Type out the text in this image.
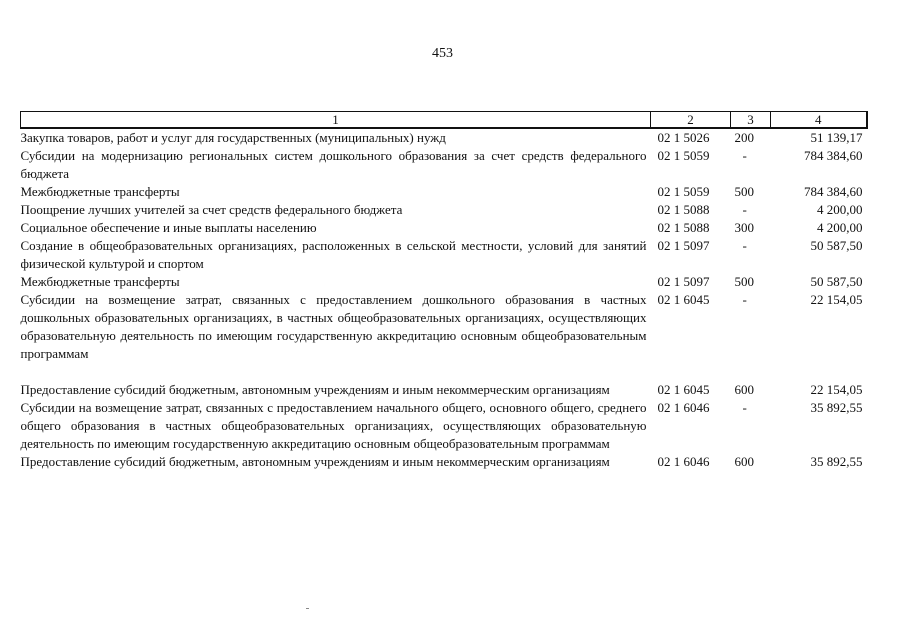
453
1	2	3	4
Закупка товаров, работ и услуг для государственных (муниципальных) нужд	02 1 5026	200	51 139,17
Субсидии на модернизацию региональных систем дошкольного образования за счет средств федерального бюджета	02 1 5059	-	784 384,60
Межбюджетные трансферты	02 1 5059	500	784 384,60
Поощрение лучших учителей за счет средств федерального бюджета	02 1 5088	-	4 200,00
Социальное обеспечение и иные выплаты населению	02 1 5088	300	4 200,00
Создание в общеобразовательных организациях, расположенных в сельской местности, условий для занятий физической культурой и спортом	02 1 5097	-	50 587,50
Межбюджетные трансферты	02 1 5097	500	50 587,50
Субсидии на возмещение затрат, связанных с предоставлением дошкольного образования в частных дошкольных образовательных организациях, в частных общеобразовательных организациях, осуществляющих образовательную деятельность по имеющим государственную аккредитацию основным общеобразовательным программам	02 1 6045	-	22 154,05
Предоставление субсидий бюджетным, автономным учреждениям и иным некоммерческим организациям	02 1 6045	600	22 154,05
Субсидии на возмещение затрат, связанных с предоставлением начального общего, основного общего, среднего общего образования в частных общеобразовательных организациях, осуществляющих образовательную деятельность по имеющим государственную аккредитацию основным общеобразовательным программам	02 1 6046	-	35 892,55
Предоставление субсидий бюджетным, автономным учреждениям и иным некоммерческим организациям	02 1 6046	600	35 892,55
